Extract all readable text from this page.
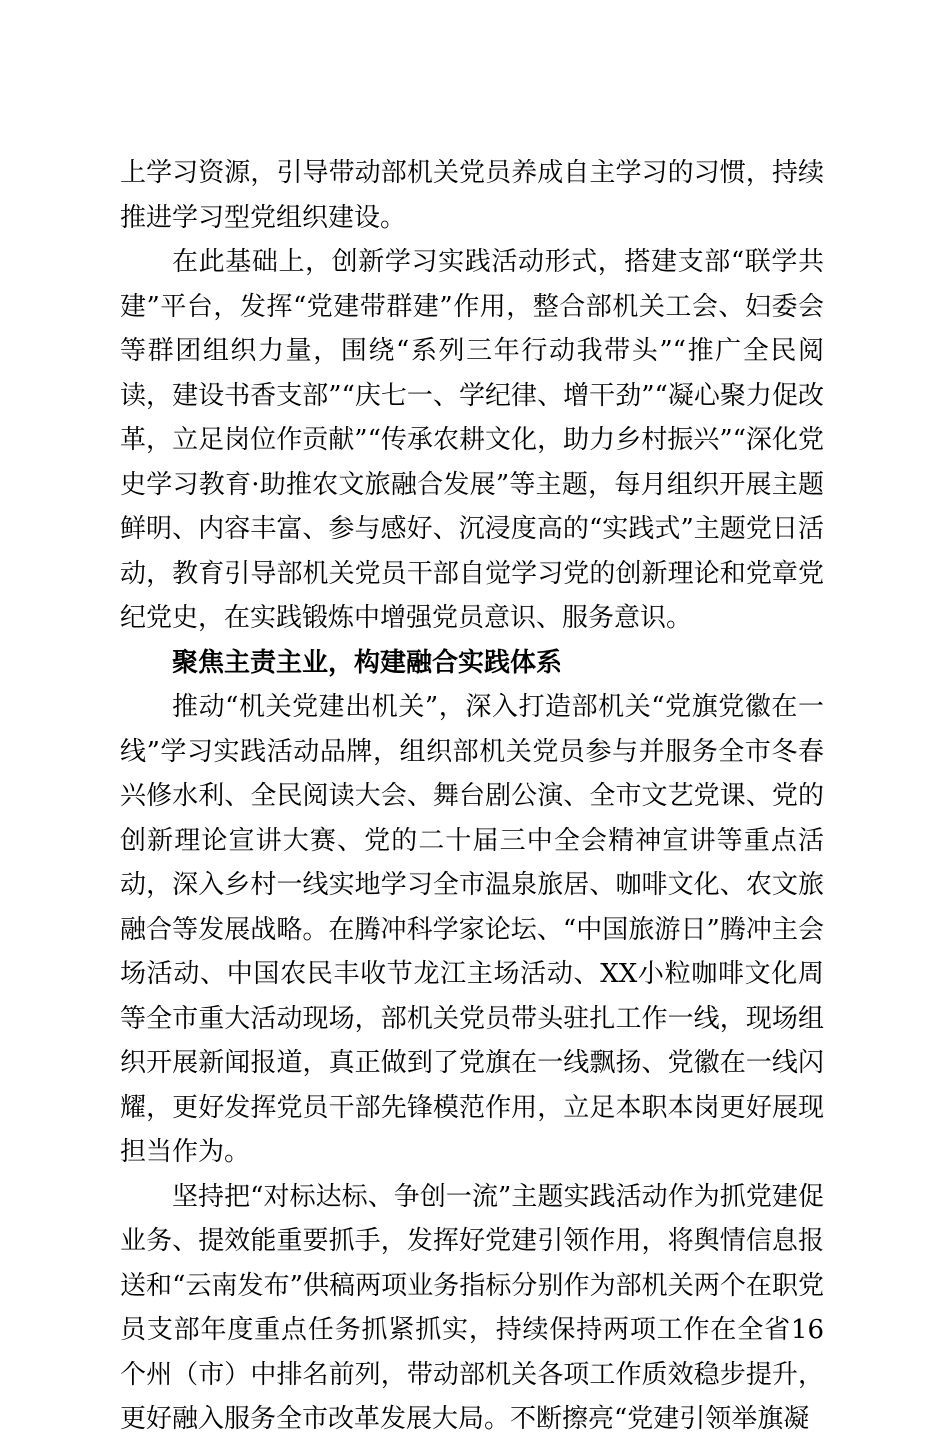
上学习资源，引导带动部机关党员养成自主学习的习惯，持续推进学习型党组织建设。

在此基础上，创新学习实践活动形式，搭建支部“联学共建”平台，发挥“党建带群建”作用，整合部机关工会、妇委会等群团组织力量，围绕“系列三年行动我带头”“推广全民阅读，建设书香支部”“庆七一、学纪律、增干劲”“凝心聚力促改革，立足岗位作贡献”“传承农耕文化，助力乡村振兴”“深化党史学习教育·助推农文旅融合发展”等主题，每月组织开展主题鲜明、内容丰富、参与感好、沉浸度高的“实践式”主题党日活动，教育引导部机关党员干部自觉学习党的创新理论和党章党纪党史，在实践锻炼中增强党员意识、服务意识。

聚焦主责主业，构建融合实践体系

推动“机关党建出机关”，深入打造部机关“党旗党徽在一线”学习实践活动品牌，组织部机关党员参与并服务全市冬春兴修水利、全民阅读大会、舞台剧公演、全市文艺党课、党的创新理论宣讲大赛、党的二十届三中全会精神宣讲等重点活动，深入乡村一线实地学习全市温泉旅居、咖啡文化、农文旅融合等发展战略。在腾冲科学家论坛、“中国旅游日”腾冲主会场活动、中国农民丰收节龙江主场活动、XX小粒咖啡文化周等全市重大活动现场，部机关党员带头驻扎工作一线，现场组织开展新闻报道，真正做到了党旗在一线飘扬、党徽在一线闪耀，更好发挥党员干部先锋模范作用，立足本职本岗更好展现担当作为。

坚持把“对标达标、争创一流”主题实践活动作为抓党建促业务、提效能重要抓手，发挥好党建引领作用，将舆情信息报送和“云南发布”供稿两项业务指标分别作为部机关两个在职党员支部年度重点任务抓紧抓实，持续保持两项工作在全省16个州（市）中排名前列，带动部机关各项工作质效稳步提升，更好融入服务全市改革发展大局。不断擦亮“党建引领举旗凝
